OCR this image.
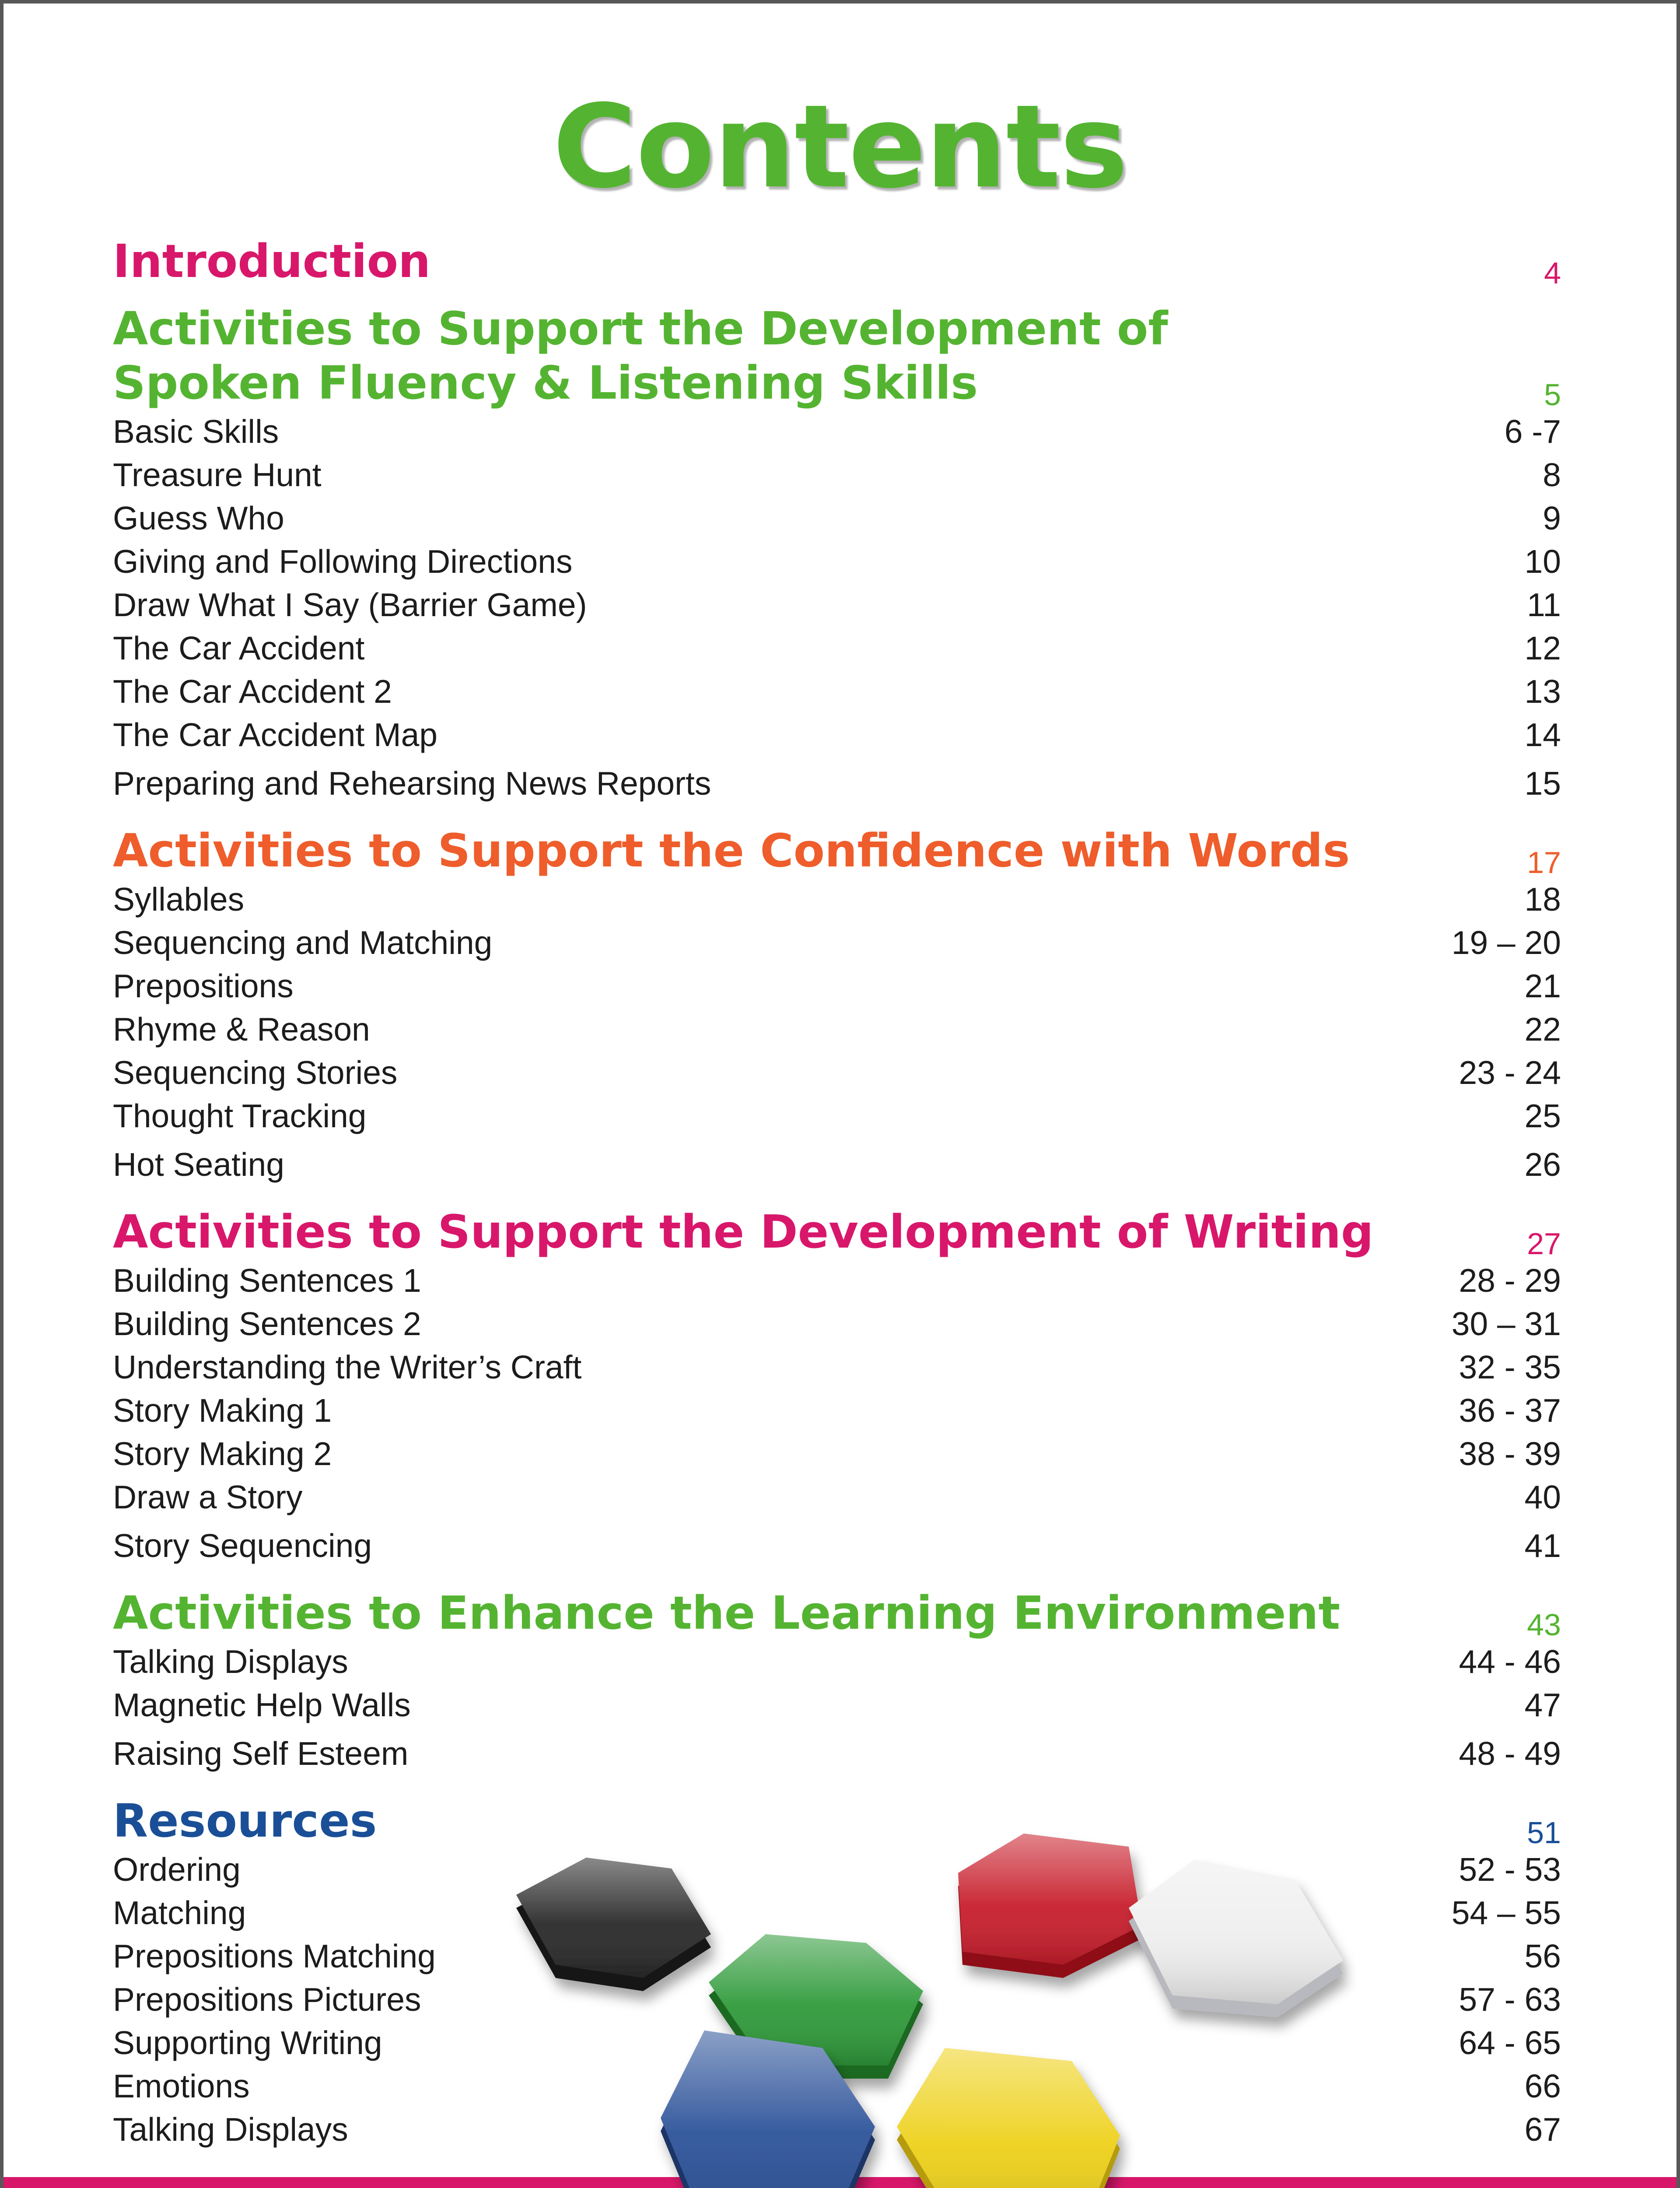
Contents
Introduction	4
Activities to Support the Development of
Spoken Fluency & Listening Skills	5
Basic Skills	6 -7
Treasure Hunt	8
Guess Who	9
Giving and Following Directions	10
Draw What I Say (Barrier Game)	11
The Car Accident	12
The Car Accident 2	13
The Car Accident Map	14
Preparing and Rehearsing News Reports	15
Activities to Support the Confidence with Words	17
Syllables	18
Sequencing and Matching	19 – 20
Prepositions	21
Rhyme & Reason	22
Sequencing Stories	23 - 24
Thought Tracking	25
Hot Seating	26
Activities to Support the Development of Writing	27
Building Sentences 1	28 - 29
Building Sentences 2	30 – 31
Understanding the Writer’s Craft	32 - 35
Story Making 1	36 - 37
Story Making 2	38 - 39
Draw a Story	40
Story Sequencing	41
Activities to Enhance the Learning Environment	43
Talking Displays	44 - 46
Magnetic Help Walls	47
Raising Self Esteem	48 - 49
Resources	51
Ordering	52 - 53
Matching	54 – 55
Prepositions Matching	56
Prepositions Pictures	57 - 63
Supporting Writing	64 - 65
Emotions	66
Talking Displays	67
